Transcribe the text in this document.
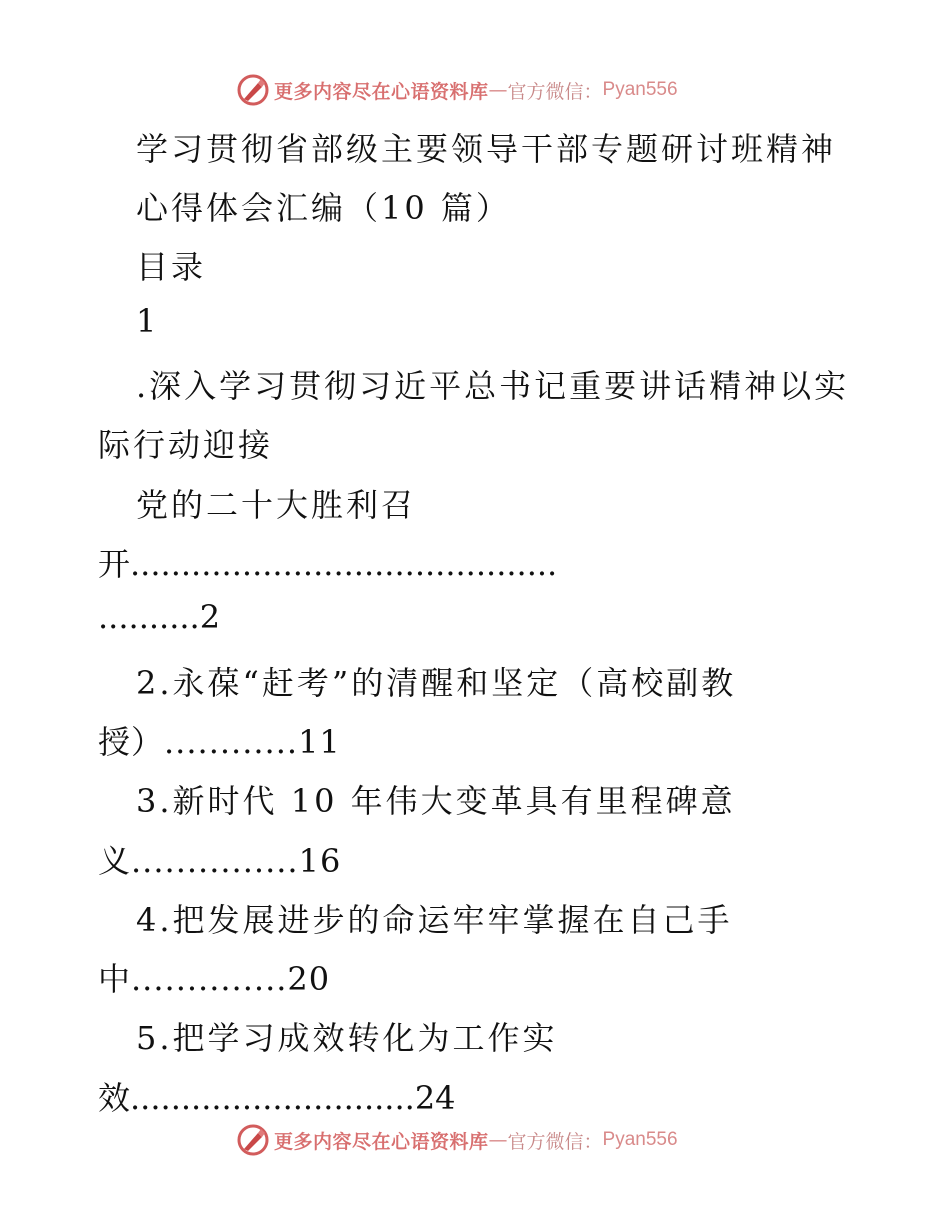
更多内容尽在心语资料库 — 官方微信： Pyan556
学习贯彻省部级主要领导干部专题研讨班精神
心得体会汇编（10 篇）
目录
1
.深入学习贯彻习近平总书记重要讲话精神以实
际行动迎接
党的二十大胜利召
开..........................................
..........2
2.永葆“赶考”的清醒和坚定（高校副教
授）............11
3.新时代 10 年伟大变革具有里程碑意
义...............16
4.把发展进步的命运牢牢掌握在自己手
中..............20
5.把学习成效转化为工作实
效............................24
更多内容尽在心语资料库 — 官方微信： Pyan556
